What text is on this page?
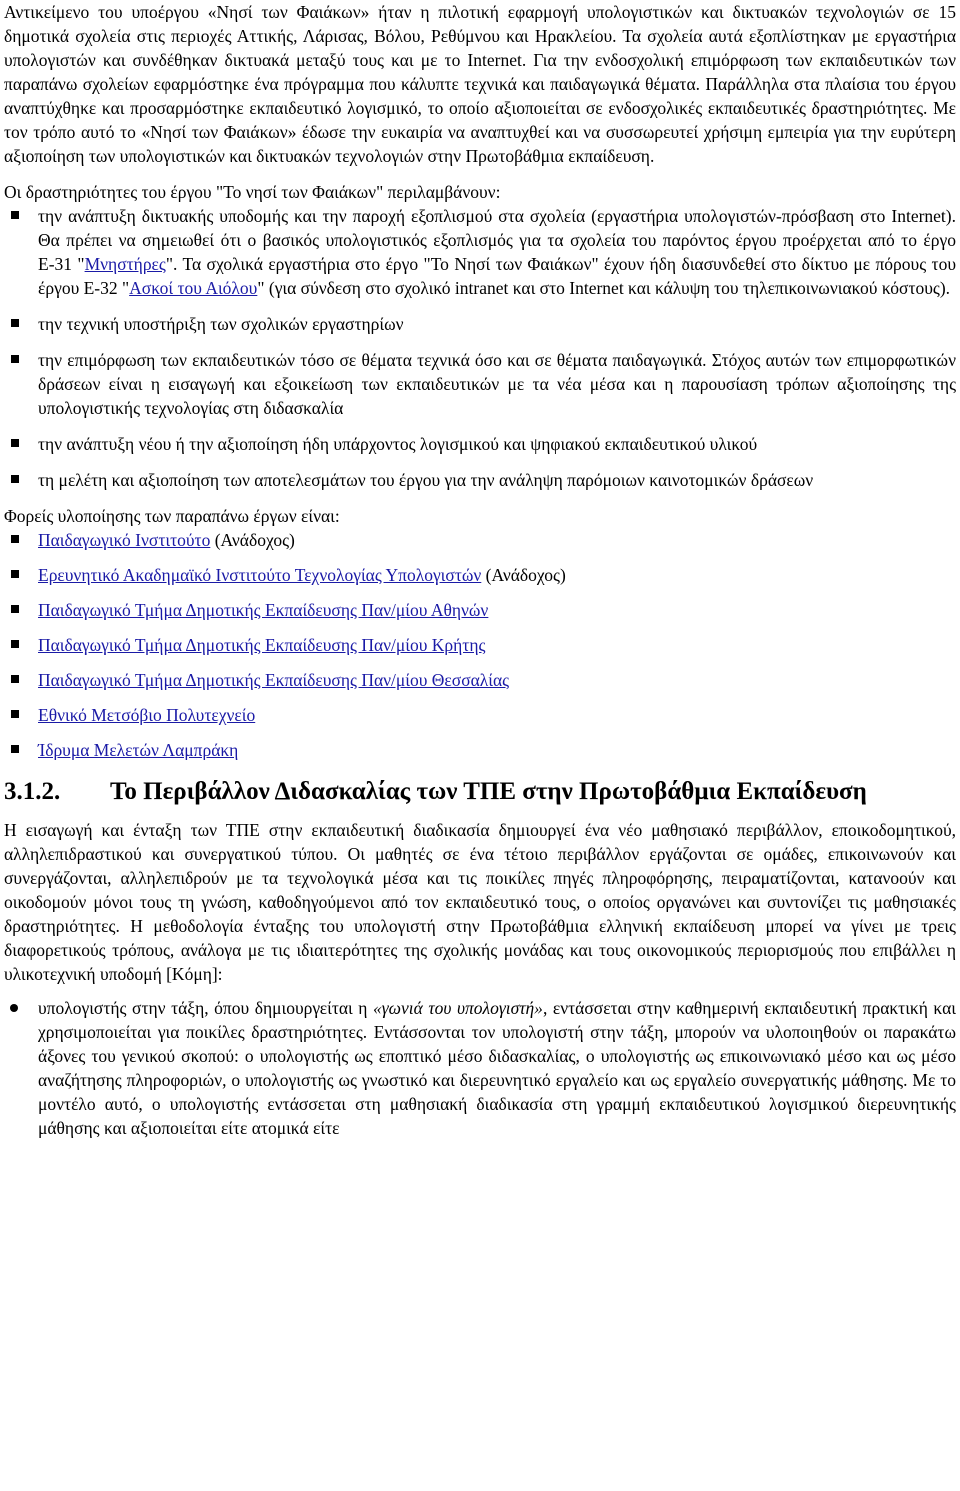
Αντικείμενο του υποέργου «Νησί των Φαιάκων» ήταν η πιλοτική εφαρμογή υπολογιστικών και δικτυακών τεχνολογιών σε 15 δημοτικά σχολεία στις περιοχές Αττικής, Λάρισας, Βόλου, Ρεθύμνου και Ηρακλείου. Τα σχολεία αυτά εξοπλίστηκαν με εργαστήρια υπολογιστών και συνδέθηκαν δικτυακά μεταξύ τους και με το Internet. Για την ενδοσχολική επιμόρφωση των εκπαιδευτικών των παραπάνω σχολείων εφαρμόστηκε ένα πρόγραμμα που κάλυπτε τεχνικά και παιδαγωγικά θέματα. Παράλληλα στα πλαίσια του έργου αναπτύχθηκε και προσαρμόστηκε εκπαιδευτικό λογισμικό, το οποίο αξιοποιείται σε ενδοσχολικές εκπαιδευτικές δραστηριότητες. Με τον τρόπο αυτό το «Νησί των Φαιάκων» έδωσε την ευκαιρία να αναπτυχθεί και να συσσωρευτεί χρήσιμη εμπειρία για την ευρύτερη αξιοποίηση των υπολογιστικών και δικτυακών τεχνολογιών στην Πρωτοβάθμια εκπαίδευση.

Οι δραστηριότητες του έργου "Το νησί των Φαιάκων" περιλαμβάνουν:

την ανάπτυξη δικτυακής υποδομής και την παροχή εξοπλισμού στα σχολεία (εργαστήρια υπολογιστών-πρόσβαση στο Internet). Θα πρέπει να σημειωθεί ότι ο βασικός υπολογιστικός εξοπλισμός για τα σχολεία του παρόντος έργου προέρχεται από το έργο Ε-31 "Μνηστήρες". Τα σχολικά εργαστήρια στο έργο "Το Νησί των Φαιάκων" έχουν ήδη διασυνδεθεί στο δίκτυο με πόρους του έργου Ε-32 "Ασκοί του Αιόλου" (για σύνδεση στο σχολικό intranet και στο Internet και κάλυψη του τηλεπικοινωνιακού κόστους).
την τεχνική υποστήριξη των σχολικών εργαστηρίων
την επιμόρφωση των εκπαιδευτικών τόσο σε θέματα τεχνικά όσο και σε θέματα παιδαγωγικά. Στόχος αυτών των επιμορφωτικών δράσεων είναι η εισαγωγή και εξοικείωση των εκπαιδευτικών με τα νέα μέσα και η παρουσίαση τρόπων αξιοποίησης της υπολογιστικής τεχνολογίας στη διδασκαλία
την ανάπτυξη νέου ή την αξιοποίηση ήδη υπάρχοντος λογισμικού και ψηφιακού εκπαιδευτικού υλικού
τη μελέτη και αξιοποίηση των αποτελεσμάτων του έργου για την ανάληψη παρόμοιων καινοτομικών δράσεων

Φορείς υλοποίησης των παραπάνω έργων είναι:

Παιδαγωγικό Ινστιτούτο (Ανάδοχος)
Ερευνητικό Ακαδημαϊκό Ινστιτούτο Τεχνολογίας Υπολογιστών (Ανάδοχος)
Παιδαγωγικό Τμήμα Δημοτικής Εκπαίδευσης Παν/μίου Αθηνών
Παιδαγωγικό Τμήμα Δημοτικής Εκπαίδευσης Παν/μίου Κρήτης
Παιδαγωγικό Τμήμα Δημοτικής Εκπαίδευσης Παν/μίου Θεσσαλίας
Εθνικό Μετσόβιο Πολυτεχνείο
Ίδρυμα Μελετών Λαμπράκη
3.1.2. Το Περιβάλλον Διδασκαλίας των ΤΠΕ στην Πρωτοβάθμια Εκπαίδευση

Η εισαγωγή και ένταξη των ΤΠΕ στην εκπαιδευτική διαδικασία δημιουργεί ένα νέο μαθησιακό περιβάλλον, εποικοδομητικού, αλληλεπιδραστικού και συνεργατικού τύπου. Οι μαθητές σε ένα τέτοιο περιβάλλον εργάζονται σε ομάδες, επικοινωνούν και συνεργάζονται, αλληλεπιδρούν με τα τεχνολογικά μέσα και τις ποικίλες πηγές πληροφόρησης, πειραματίζονται, κατανοούν και οικοδομούν μόνοι τους τη γνώση, καθοδηγούμενοι από τον εκπαιδευτικό τους, ο οποίος οργανώνει και συντονίζει τις μαθησιακές δραστηριότητες. Η μεθοδολογία ένταξης του υπολογιστή στην Πρωτοβάθμια ελληνική εκπαίδευση μπορεί να γίνει με τρεις διαφορετικούς τρόπους, ανάλογα με τις ιδιαιτερότητες της σχολικής μονάδας και τους οικονομικούς περιορισμούς που επιβάλλει η υλικοτεχνική υποδομή [Κόμη]:

υπολογιστής στην τάξη, όπου δημιουργείται η «γωνιά του υπολογιστή», εντάσσεται στην καθημερινή εκπαιδευτική πρακτική και χρησιμοποιείται για ποικίλες δραστηριότητες. Εντάσσονται τον υπολογιστή στην τάξη, μπορούν να υλοποιηθούν οι παρακάτω άξονες του γενικού σκοπού: ο υπολογιστής ως εποπτικό μέσο διδασκαλίας, ο υπολογιστής ως επικοινωνιακό μέσο και ως μέσο αναζήτησης πληροφοριών, ο υπολογιστής ως γνωστικό και διερευνητικό εργαλείο και ως εργαλείο συνεργατικής μάθησης. Με το μοντέλο αυτό, ο υπολογιστής εντάσσεται στη μαθησιακή διαδικασία στη γραμμή εκπαιδευτικού λογισμικού διερευνητικής μάθησης και αξιοποιείται είτε ατομικά είτε
